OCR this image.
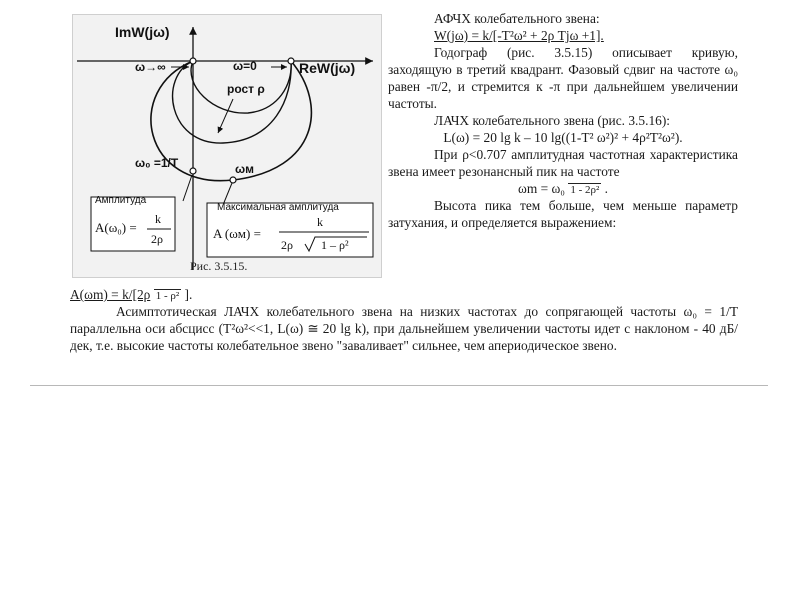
ImW(jω)
ReW(jω)
ω→∞	ω=0
рост ρ
ω₀ =1/T	ωм
Амплитуда
A(ω₀) =
k
2ρ
Максимальная амплитуда
A (ωм) =
k
2ρ 1 – ρ²
Рис. 3.5.15.
АФЧХ колебательного звена:
W(jω) = k/[-T²ω² + 2ρ Tjω +1].
Годограф (рис. 3.5.15) описывает кривую, заходящую в третий квадрант. Фазовый сдвиг на частоте ω₀ равен -π/2, и стремится к -π при дальнейшем увеличении частоты.
ЛАЧХ колебательного звена (рис. 3.5.16):
L(ω) = 20 lg k – 10 lg((1-T² ω²)² + 4ρ²T²ω²).
При ρ<0.707 амплитудная частотная характеристика звена имеет резонансный пик на частоте
ωm = ω₀ 1 - 2ρ² .
Высота пика тем больше, чем меньше параметр затухания, и определяется выражением:
A(ωm) = k/[2ρ 1 - ρ² ].
Асимптотическая ЛАЧХ колебательного звена на низких частотах до сопрягающей частоты ω₀ = 1/T параллельна оси абсцисс (T²ω²<<1, L(ω) ≅ 20 lg k), при дальнейшем увеличении частоты идет с наклоном - 40 дБ/дек, т.е. высокие частоты колебательное звено "заваливает" сильнее, чем апериодическое звено.
